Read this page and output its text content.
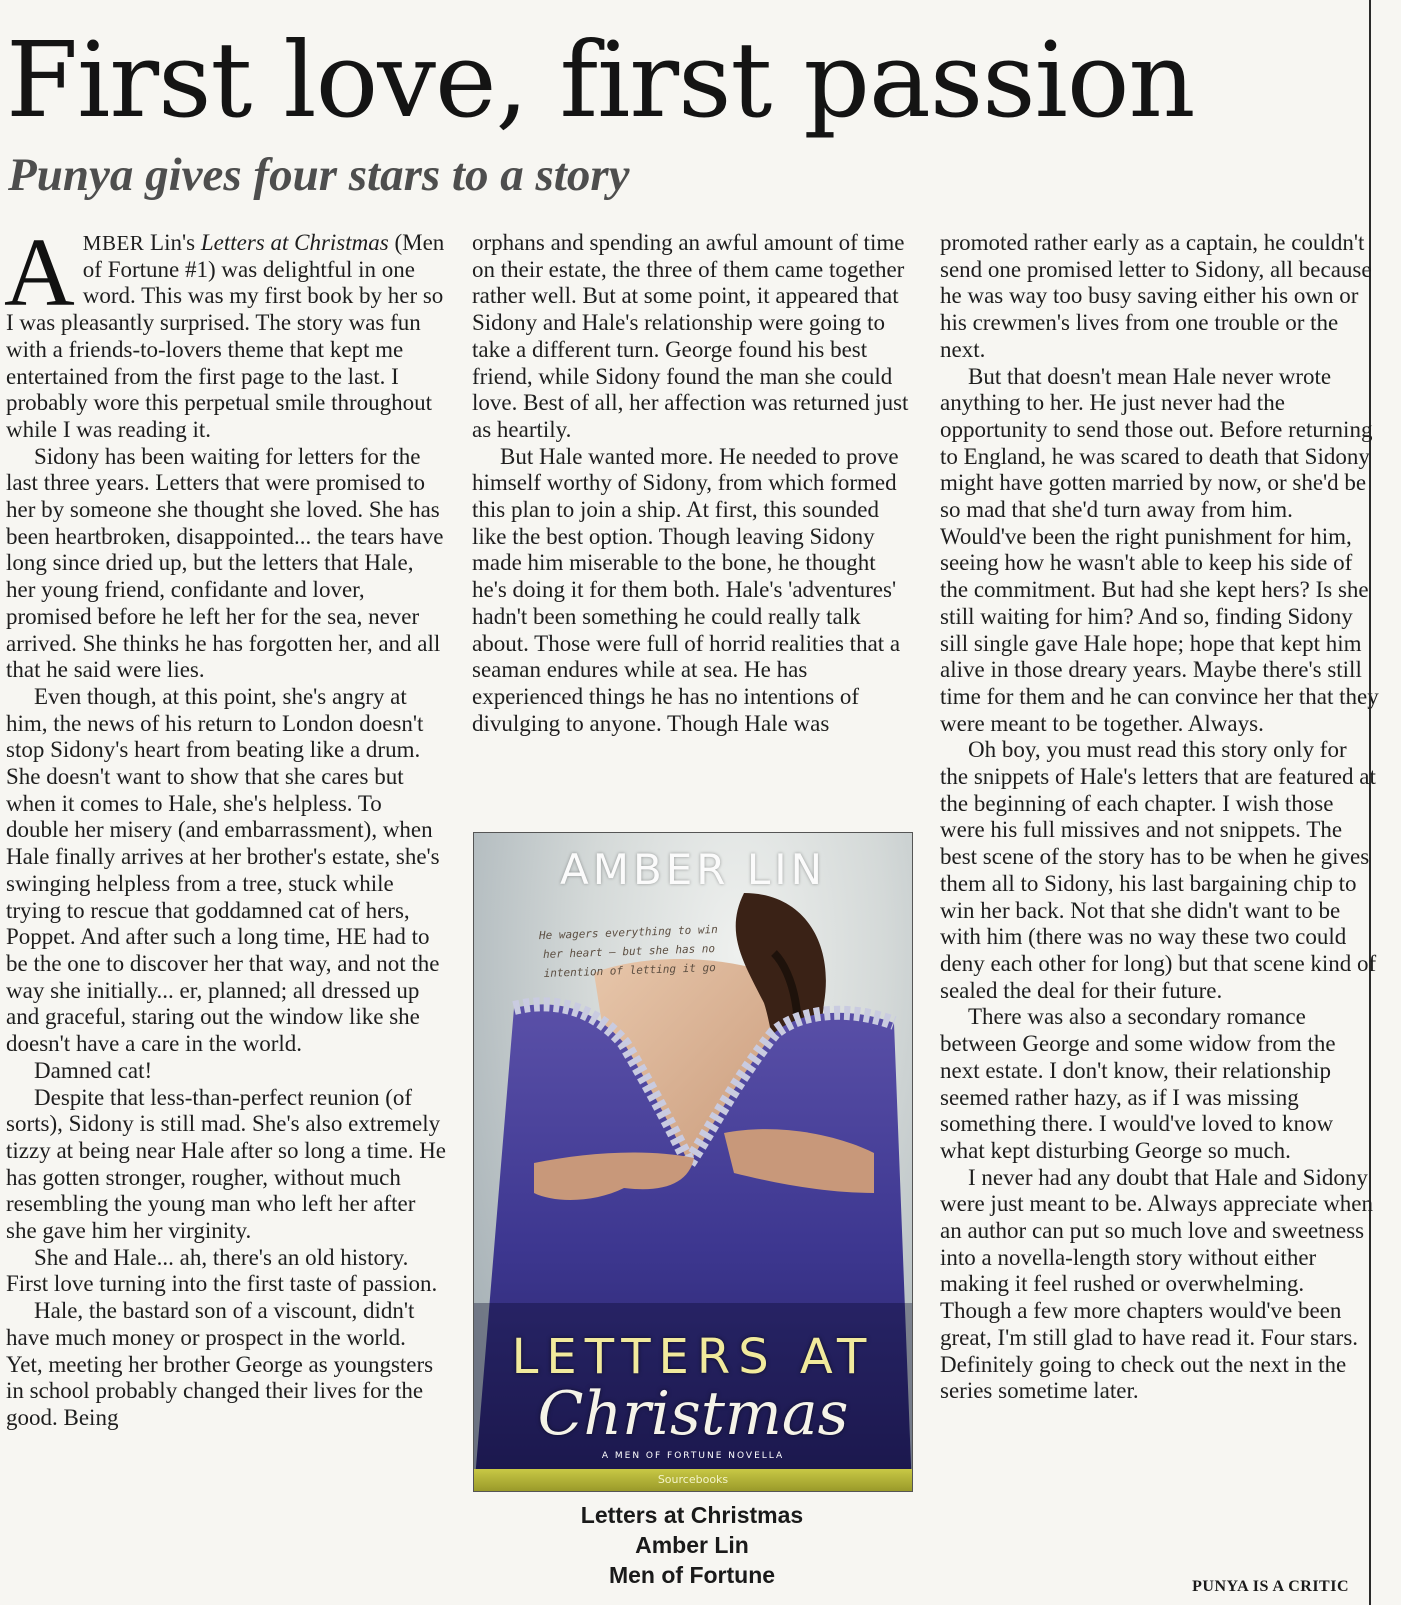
First love, first passion
Punya gives four stars to a story

AMBER Lin's Letters at Christmas (Men of Fortune #1) was delightful in one word. This was my first book by her so I was pleasantly surprised. The story was fun with a friends-to-lovers theme that kept me entertained from the first page to the last. I probably wore this perpetual smile throughout while I was reading it.

Sidony has been waiting for letters for the last three years. Letters that were promised to her by someone she thought she loved. She has been heartbroken, disappointed... the tears have long since dried up, but the letters that Hale, her young friend, confidante and lover, promised before he left her for the sea, never arrived. She thinks he has forgotten her, and all that he said were lies.

Even though, at this point, she's angry at him, the news of his return to London doesn't stop Sidony's heart from beating like a drum. She doesn't want to show that she cares but when it comes to Hale, she's helpless. To double her misery (and embarrassment), when Hale finally arrives at her brother's estate, she's swinging helpless from a tree, stuck while trying to rescue that goddamned cat of hers, Poppet. And after such a long time, HE had to be the one to discover her that way, and not the way she initially... er, planned; all dressed up and graceful, staring out the window like she doesn't have a care in the world.

Damned cat!

Despite that less-than-perfect reunion (of sorts), Sidony is still mad. She's also extremely tizzy at being near Hale after so long a time. He has gotten stronger, rougher, without much resembling the young man who left her after she gave him her virginity.

She and Hale... ah, there's an old history. First love turning into the first taste of passion.

Hale, the bastard son of a viscount, didn't have much money or prospect in the world. Yet, meeting her brother George as youngsters in school probably changed their lives for the good. Being

orphans and spending an awful amount of time on their estate, the three of them came together rather well. But at some point, it appeared that Sidony and Hale's relationship were going to take a different turn. George found his best friend, while Sidony found the man she could love. Best of all, her affection was returned just as heartily.

But Hale wanted more. He needed to prove himself worthy of Sidony, from which formed this plan to join a ship. At first, this sounded like the best option. Though leaving Sidony made him miserable to the bone, he thought he's doing it for them both. Hale's 'adventures' hadn't been something he could really talk about. Those were full of horrid realities that a seaman endures while at sea. He has experienced things he has no intentions of divulging to anyone. Though Hale was

promoted rather early as a captain, he couldn't send one promised letter to Sidony, all because he was way too busy saving either his own or his crewmen's lives from one trouble or the next.

But that doesn't mean Hale never wrote anything to her. He just never had the opportunity to send those out. Before returning to England, he was scared to death that Sidony might have gotten married by now, or she'd be so mad that she'd turn away from him. Would've been the right punishment for him, seeing how he wasn't able to keep his side of the commitment. But had she kept hers? Is she still waiting for him? And so, finding Sidony sill single gave Hale hope; hope that kept him alive in those dreary years. Maybe there's still time for them and he can convince her that they were meant to be together. Always.

Oh boy, you must read this story only for the snippets of Hale's letters that are featured at the beginning of each chapter. I wish those were his full missives and not snippets. The best scene of the story has to be when he gives them all to Sidony, his last bargaining chip to win her back. Not that she didn't want to be with him (there was no way these two could deny each other for long) but that scene kind of sealed the deal for their future.

There was also a secondary romance between George and some widow from the next estate. I don't know, their relationship seemed rather hazy, as if I was missing something there. I would've loved to know what kept disturbing George so much.

I never had any doubt that Hale and Sidony were just meant to be. Always appreciate when an author can put so much love and sweetness into a novella-length story without either making it feel rushed or overwhelming. Though a few more chapters would've been great, I'm still glad to have read it. Four stars. Definitely going to check out the next in the series sometime later.

AMBER LIN
He wagers everything to win her heart — but she has no intention of letting it go
LETTERS AT
Christmas
A MEN OF FORTUNE NOVELLA
Sourcebooks
Letters at Christmas
Amber Lin
Men of Fortune	PUNYA IS A CRITIC
